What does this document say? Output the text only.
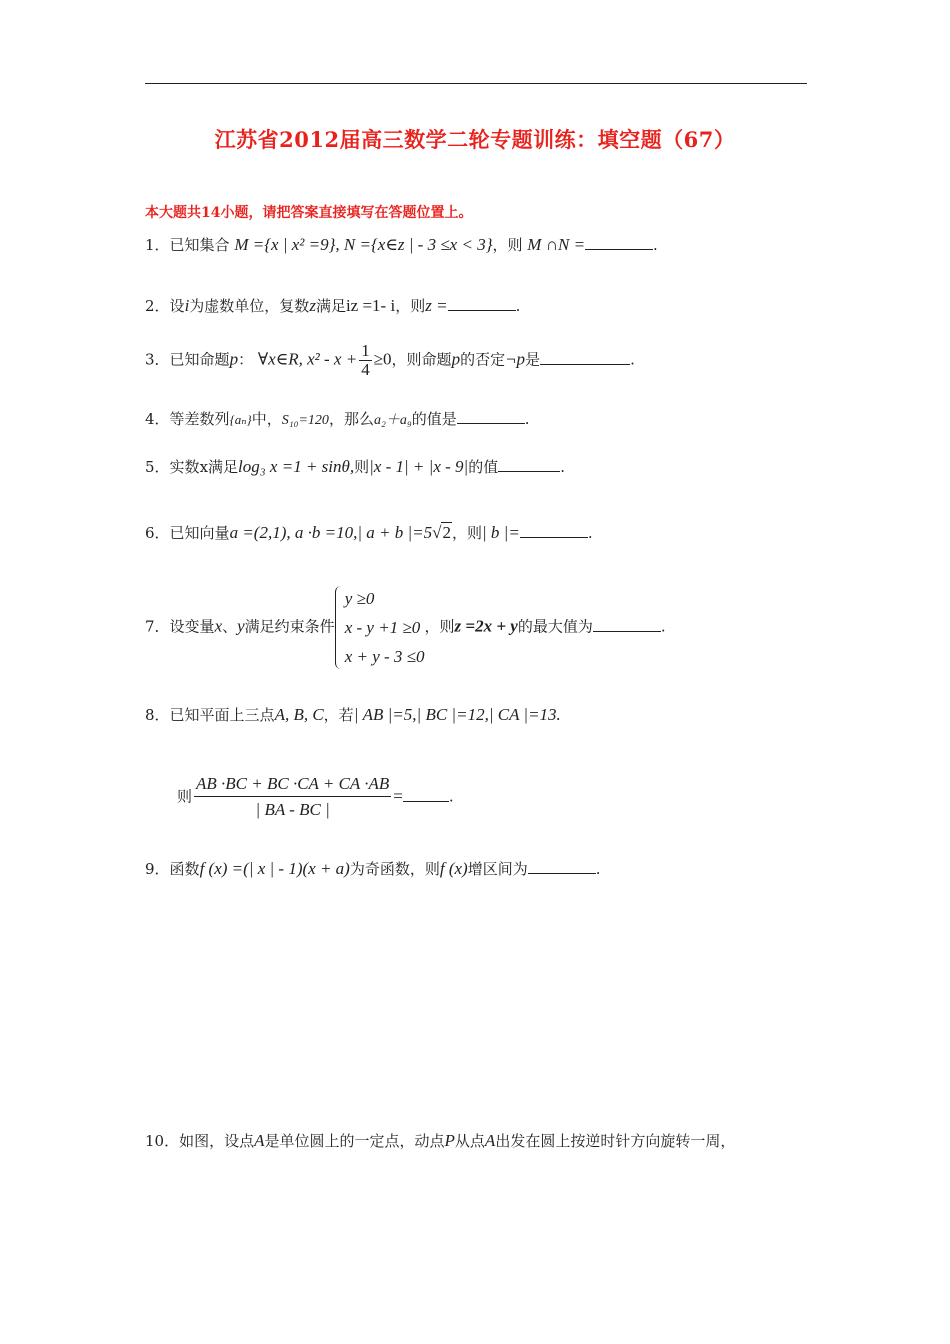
江苏省2012届高三数学二轮专题训练：填空题（67）
本大题共14小题，请把答案直接填写在答题位置上。
1．已知集合 M ={x | x² =9}, N ={x∈z | - 3 ≤x < 3}，则 M ∩N =	.
2．设i为虚数单位，复数z满足iz =1- i，则z =	.
3．已知命题p： ∀x∈R, $x^2 - x + \frac{1}{4} \ge 0$，则命题p的否定¬p是	.
4．等差数列{aₙ}中，S₁₀=120，那么a₂＋a₉的值是	.
5．实数x满足log₃ x =1 + sinθ,则|x - 1| + |x - 9|的值	.
6．已知向量a =(2,1), a ·b =10,| a + b |=5√2，则| b |=	.
7．设变量x、y满足约束条件
y ≥0
x - y +1 ≥0
x + y - 3 ≤0
，则z =2x + y的最大值为	.
8．已知平面上三点A, B, C，若| AB |=5,| BC |=12,| CA |=13.
则 $\frac{AB \cdot BC + BC \cdot CA + CA \cdot AB}{| BA - BC |}$ =	.
9．函数f (x) =(| x | - 1)(x + a)为奇函数，则f (x)增区间为	.
10．如图，设点A是单位圆上的一定点，动点P从点A出发在圆上按逆时针方向旋转一周，
